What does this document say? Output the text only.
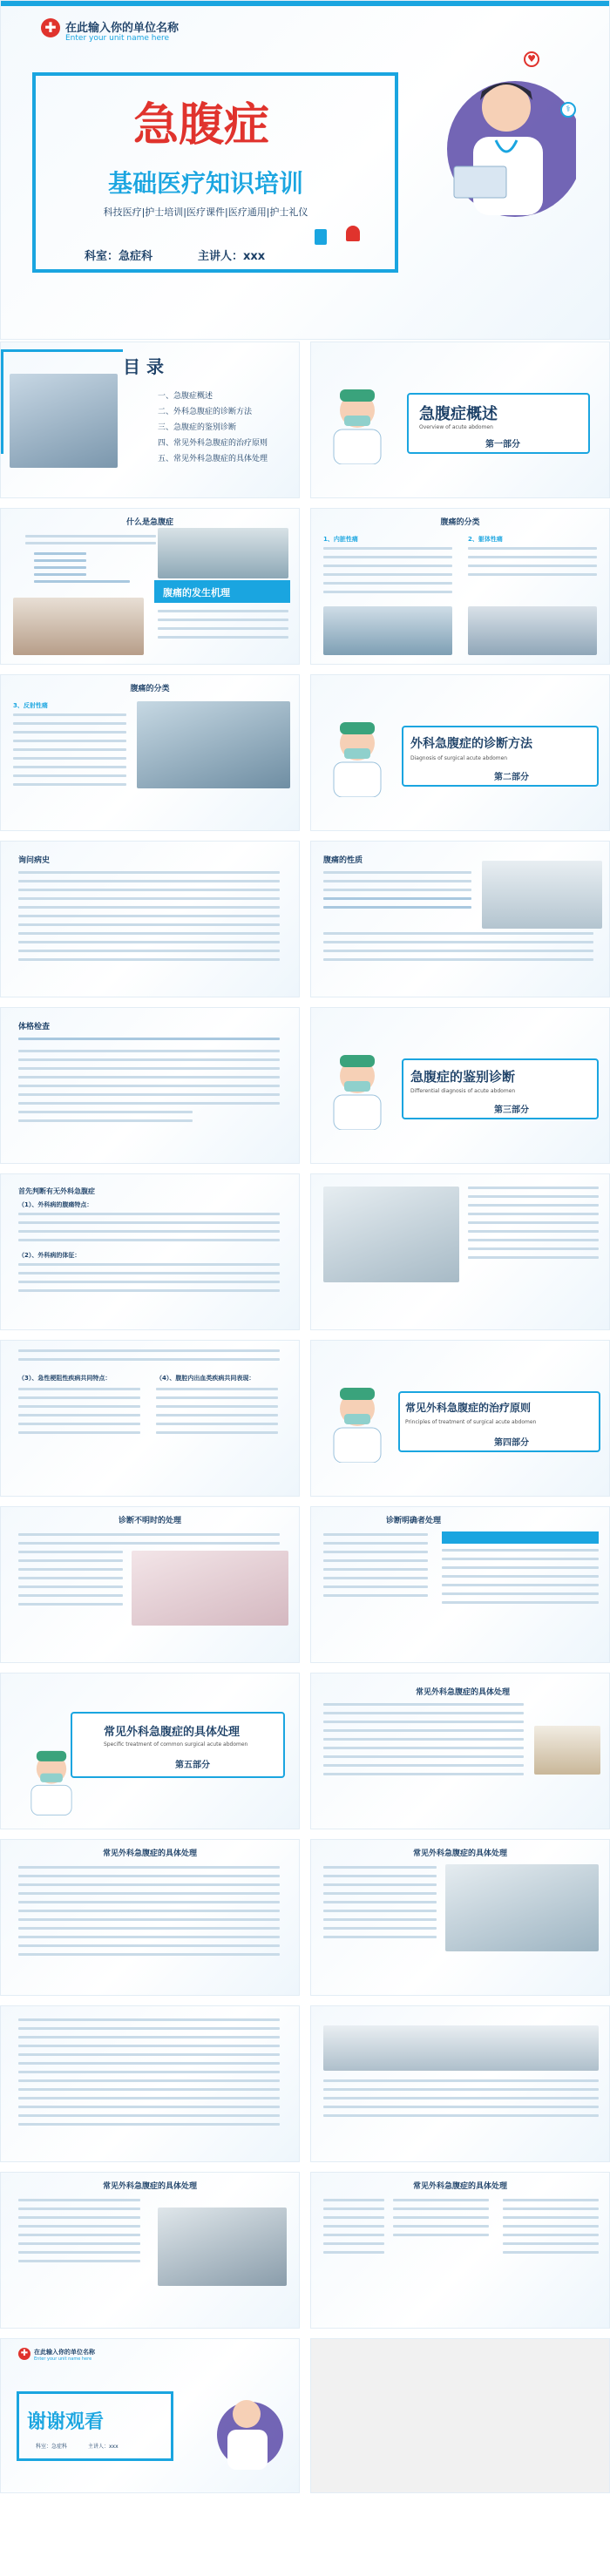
✚ 在此输入你的单位名称
Enter your unit name here
急腹症
基础医疗知识培训
科技医疗|护士培训|医疗课件|医疗通用|护士礼仪
科室：急症科	主讲人：xxx
♥
⚕
目 录
一、急腹症概述
二、外科急腹症的诊断方法
三、急腹症的鉴别诊断
四、常见外科急腹症的治疗原则
五、常见外科急腹症的具体处理
急腹症概述
Overview of acute abdomen
第一部分
什么是急腹症
腹痛的发生机理
腹痛的分类
1、内脏性痛	2、躯体性痛
腹痛的分类
3、反射性痛
外科急腹症的诊断方法
Diagnosis of surgical acute abdomen
第二部分
询问病史	腹痛的性质
体格检查
急腹症的鉴别诊断
Differential diagnosis of acute abdomen
第三部分
首先判断有无外科急腹症
（1）、外科病的腹痛特点：
（2）、外科病的体征：
（3）、急性梗阻性疾病共同特点：	（4）、腹腔内出血类疾病共同表现：
常见外科急腹症的治疗原则
Principles of treatment of surgical acute abdomen
第四部分
诊断不明时的处理	诊断明确者处理
常见外科急腹症的具体处理
Specific treatment of common surgical acute abdomen
第五部分
常见外科急腹症的具体处理
常见外科急腹症的具体处理	常见外科急腹症的具体处理
常见外科急腹症的具体处理	常见外科急腹症的具体处理
✚ 在此输入你的单位名称
Enter your unit name here
谢谢观看
科室：急症科	主讲人：xxx
